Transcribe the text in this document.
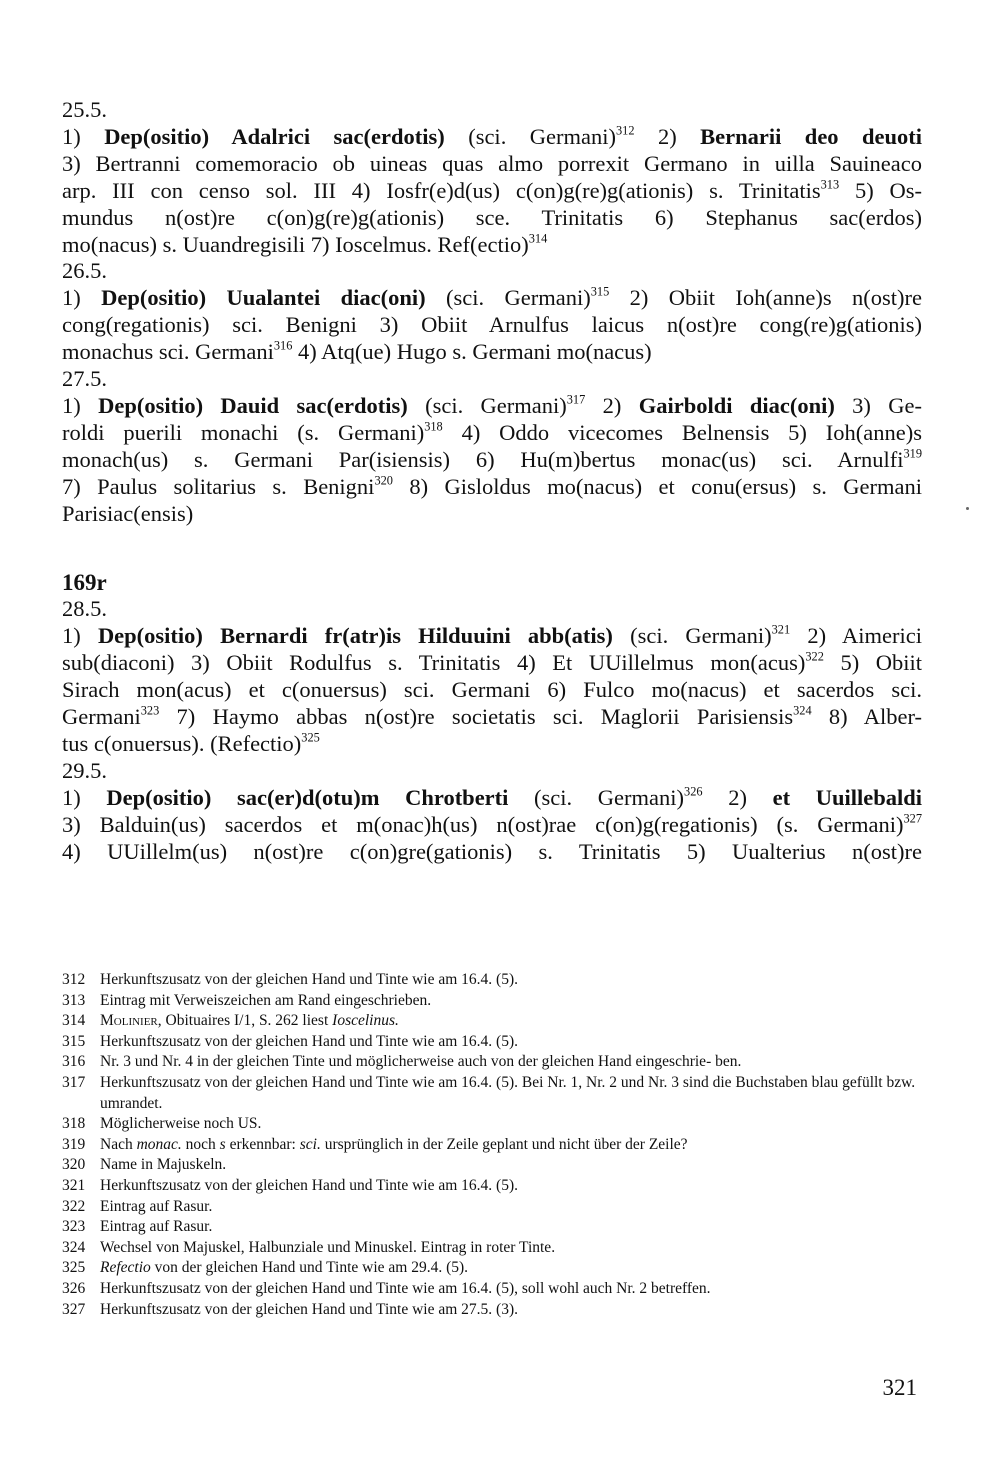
25.5.
1) Dep(ositio) Adalrici sac(erdotis) (sci. Germani)$^{312}$ 2) Bernarii deo deuoti
3) Bertranni comemoracio ob uineas quas almo porrexit Germano in uilla Sauineaco
arp. III con censo sol. III 4) Iosfr(e)d(us) c(on)g(re)g(ationis) s. Trinitatis$^{313}$ 5) Os-
mundus n(ost)re c(on)g(re)g(ationis) sce. Trinitatis 6) Stephanus sac(erdos)
mo(nacus) s. Uuandregisili 7) Ioscelmus. Ref(ectio)$^{314}$
26.5.
1) Dep(ositio) Uualantei diac(oni) (sci. Germani)$^{315}$ 2) Obiit Ioh(anne)s n(ost)re
cong(regationis) sci. Benigni 3) Obiit Arnulfus laicus n(ost)re cong(re)g(ationis)
monachus sci. Germani$^{316}$ 4) Atq(ue) Hugo s. Germani mo(nacus)
27.5.
1) Dep(ositio) Dauid sac(erdotis) (sci. Germani)$^{317}$ 2) Gairboldi diac(oni) 3) Ge-
roldi puerili monachi (s. Germani)$^{318}$ 4) Oddo vicecomes Belnensis 5) Ioh(anne)s
monach(us) s. Germani Par(isiensis) 6) Hu(m)bertus monac(us) sci. Arnulfi$^{319}$
7) Paulus solitarius s. Benigni$^{320}$ 8) Gisloldus mo(nacus) et conu(ersus) s. Germani
Parisiac(ensis)
169r
28.5.
1) Dep(ositio) Bernardi fr(atr)is Hilduuini abb(atis) (sci. Germani)$^{321}$ 2) Aimerici
sub(diaconi) 3) Obiit Rodulfus s. Trinitatis 4) Et UUillelmus mon(acus)$^{322}$ 5) Obiit
Sirach mon(acus) et c(onuersus) sci. Germani 6) Fulco mo(nacus) et sacerdos sci.
Germani$^{323}$ 7) Haymo abbas n(ost)re societatis sci. Maglorii Parisiensis$^{324}$ 8) Alber-
tus c(onuersus). (Refectio)$^{325}$
29.5.
1) Dep(ositio) sac(er)d(otu)m Chrotberti (sci. Germani)$^{326}$ 2) et Uuillebaldi
3) Balduin(us) sacerdos et m(onac)h(us) n(ost)rae c(on)g(regationis) (s. Germani)$^{327}$
4) UUillelm(us) n(ost)re c(on)gre(gationis) s. Trinitatis 5) Uualterius n(ost)re
312 Herkunftszusatz von der gleichen Hand und Tinte wie am 16.4. (5).
313 Eintrag mit Verweiszeichen am Rand eingeschrieben.
314 Molinier, Obituaires I/1, S. 262 liest Ioscelinus.
315 Herkunftszusatz von der gleichen Hand und Tinte wie am 16.4. (5).
316 Nr. 3 und Nr. 4 in der gleichen Tinte und möglicherweise auch von der gleichen Hand eingeschrie- ben.
317 Herkunftszusatz von der gleichen Hand und Tinte wie am 16.4. (5). Bei Nr. 1, Nr. 2 und Nr. 3 sind die Buchstaben blau gefüllt bzw. umrandet.
318 Möglicherweise noch US.
319 Nach monac. noch s erkennbar: sci. ursprünglich in der Zeile geplant und nicht über der Zeile?
320 Name in Majuskeln.
321 Herkunftszusatz von der gleichen Hand und Tinte wie am 16.4. (5).
322 Eintrag auf Rasur.
323 Eintrag auf Rasur.
324 Wechsel von Majuskel, Halbunziale und Minuskel. Eintrag in roter Tinte.
325 Refectio von der gleichen Hand und Tinte wie am 29.4. (5).
326 Herkunftszusatz von der gleichen Hand und Tinte wie am 16.4. (5), soll wohl auch Nr. 2 betreffen.
327 Herkunftszusatz von der gleichen Hand und Tinte wie am 27.5. (3).
321
